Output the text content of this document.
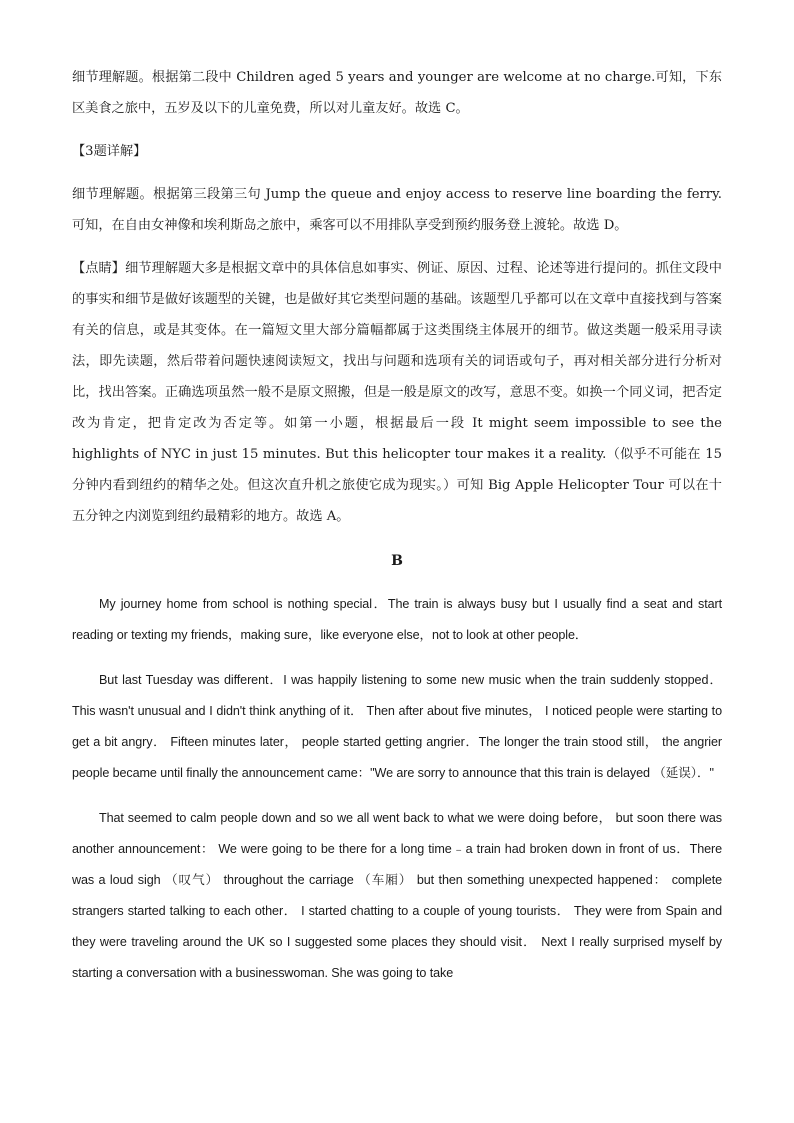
细节理解题。根据第二段中 Children aged 5 years and younger are welcome at no charge.可知，下东区美食之旅中，五岁及以下的儿童免费，所以对儿童友好。故选 C。

【3题详解】

细节理解题。根据第三段第三句 Jump the queue and enjoy access to reserve line boarding the ferry.可知，在自由女神像和埃利斯岛之旅中，乘客可以不用排队享受到预约服务登上渡轮。故选 D。

【点睛】细节理解题大多是根据文章中的具体信息如事实、例证、原因、过程、论述等进行提问的。抓住文段中的事实和细节是做好该题型的关键，也是做好其它类型问题的基础。该题型几乎都可以在文章中直接找到与答案有关的信息，或是其变体。在一篇短文里大部分篇幅都属于这类围绕主体展开的细节。做这类题一般采用寻读法，即先读题，然后带着问题快速阅读短文，找出与问题和选项有关的词语或句子，再对相关部分进行分析对比，找出答案。正确选项虽然一般不是原文照搬，但是一般是原文的改写，意思不变。如换一个同义词，把否定改为肯定，把肯定改为否定等。如第一小题，根据最后一段 It might seem impossible to see the highlights of NYC in just 15 minutes. But this helicopter tour makes it a reality.（似乎不可能在 15分钟内看到纽约的精华之处。但这次直升机之旅使它成为现实。）可知 Big Apple Helicopter Tour 可以在十五分钟之内浏览到纽约最精彩的地方。故选 A。

B

My journey home from school is nothing special．The train is always busy but I usually find a seat and start reading or texting my friends，making sure，like everyone else，not to look at other people．

But last Tuesday was different．I was happily listening to some new music when the train suddenly stopped．This wasn't unusual and I didn't think anything of it． Then after about five minutes， I noticed people were starting to get a bit angry． Fifteen minutes later， people started getting angrier．The longer the train stood still， the angrier people became until finally the announcement came："We are sorry to announce that this train is delayed （延误）．"

That seemed to calm people down and so we all went back to what we were doing before， but soon there was another announcement： We were going to be there for a long time﹣a train had broken down in front of us．There was a loud sigh （叹气） throughout the carriage （车厢） but then something unexpected happened： complete strangers started talking to each other． I started chatting to a couple of young tourists． They were from Spain and they were traveling around the UK so I suggested some places they should visit． Next I really surprised myself by starting a conversation with a businesswoman. She was going to take
